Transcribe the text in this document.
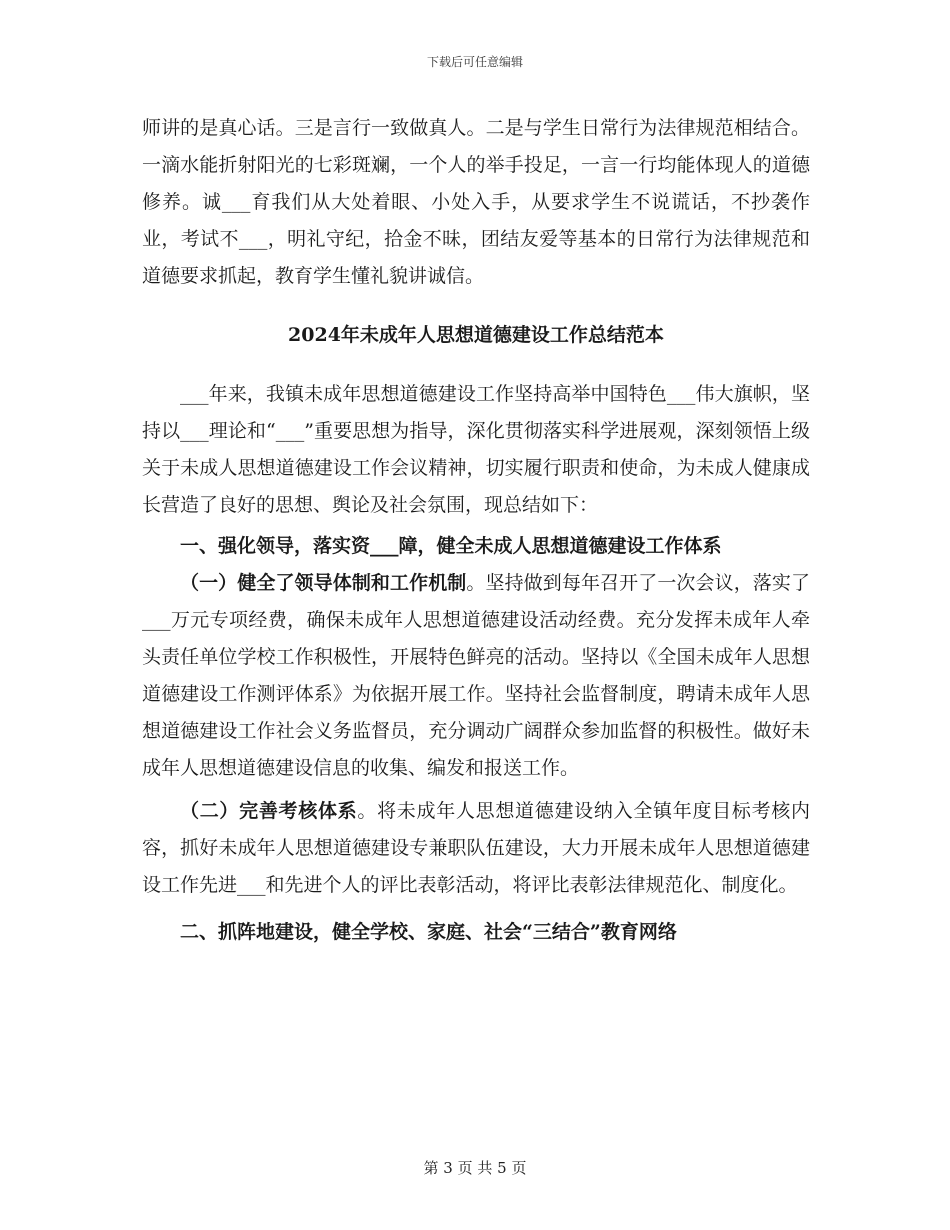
下载后可任意编辑

师讲的是真心话。三是言行一致做真人。二是与学生日常行为法律规范相结合。一滴水能折射阳光的七彩斑斓，一个人的举手投足，一言一行均能体现人的道德修养。诚___育我们从大处着眼、小处入手，从要求学生不说谎话，不抄袭作业，考试不___，明礼守纪，拾金不昧，团结友爱等基本的日常行为法律规范和道德要求抓起，教育学生懂礼貌讲诚信。

2024年未成年人思想道德建设工作总结范本

___年来，我镇未成年思想道德建设工作坚持高举中国特色___伟大旗帜，坚持以___理论和“___”重要思想为指导，深化贯彻落实科学进展观，深刻领悟上级关于未成人思想道德建设工作会议精神，切实履行职责和使命，为未成人健康成长营造了良好的思想、舆论及社会氛围，现总结如下：

一、强化领导，落实资___障，健全未成人思想道德建设工作体系

（一）健全了领导体制和工作机制。坚持做到每年召开了一次会议，落实了___万元专项经费，确保未成年人思想道德建设活动经费。充分发挥未成年人牵头责任单位学校工作积极性，开展特色鲜亮的活动。坚持以《全国未成年人思想道德建设工作测评体系》为依据开展工作。坚持社会监督制度，聘请未成年人思想道德建设工作社会义务监督员，充分调动广阔群众参加监督的积极性。做好未成年人思想道德建设信息的收集、编发和报送工作。

（二）完善考核体系。将未成年人思想道德建设纳入全镇年度目标考核内容，抓好未成年人思想道德建设专兼职队伍建设，大力开展未成年人思想道德建设工作先进___和先进个人的评比表彰活动，将评比表彰法律规范化、制度化。

二、抓阵地建设，健全学校、家庭、社会“三结合”教育网络

第 3 页 共 5 页
